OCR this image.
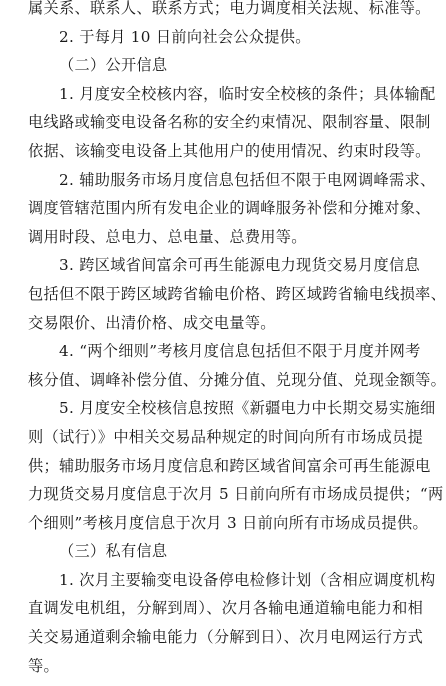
属关系、联系人、联系方式；电力调度相关法规、标准等。
2. 于每月 10 日前向社会公众提供。
（二）公开信息
1. 月度安全校核内容，临时安全校核的条件；具体输配
电线路或输变电设备名称的安全约束情况、限制容量、限制
依据、该输变电设备上其他用户的使用情况、约束时段等。
2. 辅助服务市场月度信息包括但不限于电网调峰需求、
调度管辖范围内所有发电企业的调峰服务补偿和分摊对象、
调用时段、总电力、总电量、总费用等。
3. 跨区域省间富余可再生能源电力现货交易月度信息
包括但不限于跨区域跨省输电价格、跨区域跨省输电线损率、
交易限价、出清价格、成交电量等。
4. “两个细则”考核月度信息包括但不限于月度并网考
核分值、调峰补偿分值、分摊分值、兑现分值、兑现金额等。
5. 月度安全校核信息按照《新疆电力中长期交易实施细
则（试行）》中相关交易品种规定的时间向所有市场成员提
供；辅助服务市场月度信息和跨区域省间富余可再生能源电
力现货交易月度信息于次月 5 日前向所有市场成员提供；“两
个细则”考核月度信息于次月 3 日前向所有市场成员提供。
（三）私有信息
1. 次月主要输变电设备停电检修计划（含相应调度机构
直调发电机组，分解到周）、次月各输电通道输电能力和相
关交易通道剩余输电能力（分解到日）、次月电网运行方式
等。
